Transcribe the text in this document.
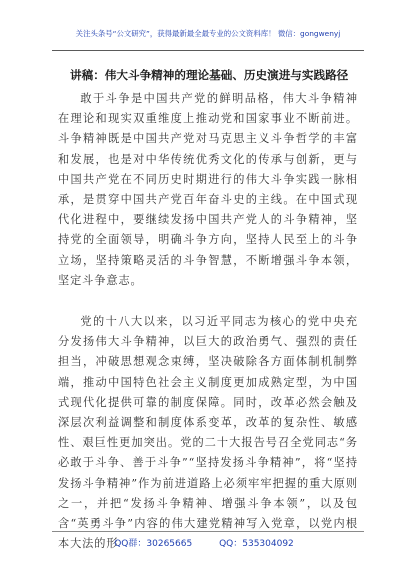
关注头条号“公文研究”，获得最新最全最专业的公文资料库！ 微信：gongwenyj
讲稿：伟大斗争精神的理论基础、历史演进与实践路径
敢于斗争是中国共产党的鲜明品格，伟大斗争精神在理论和现实双重维度上推动党和国家事业不断前进。斗争精神既是中国共产党对马克思主义斗争哲学的丰富和发展，也是对中华传统优秀文化的传承与创新，更与中国共产党在不同历史时期进行的伟大斗争实践一脉相承，是贯穿中国共产党百年奋斗史的主线。在中国式现代化进程中，要继续发扬中国共产党人的斗争精神，坚持党的全面领导，明确斗争方向，坚持人民至上的斗争立场，坚持策略灵活的斗争智慧，不断增强斗争本领，坚定斗争意志。
党的十八大以来，以习近平同志为核心的党中央充分发扬伟大斗争精神，以巨大的政治勇气、强烈的责任担当，冲破思想观念束缚，坚决破除各方面体制机制弊端，推动中国特色社会主义制度更加成熟定型，为中国式现代化提供可靠的制度保障。同时，改革必然会触及深层次利益调整和制度体系变革，改革的复杂性、敏感性、艰巨性更加突出。党的二十大报告号召全党同志“务必敢于斗争、善于斗争”“坚持发扬斗争精神”，将“坚持发扬斗争精神”作为前进道路上必须牢牢把握的重大原则之一，并把“发扬斗争精神、增强斗争本领”，以及包含“英勇斗争”内容的伟大建党精神写入党章，以党内根本大法的形
QQ群：30265665	QQ：535304092
